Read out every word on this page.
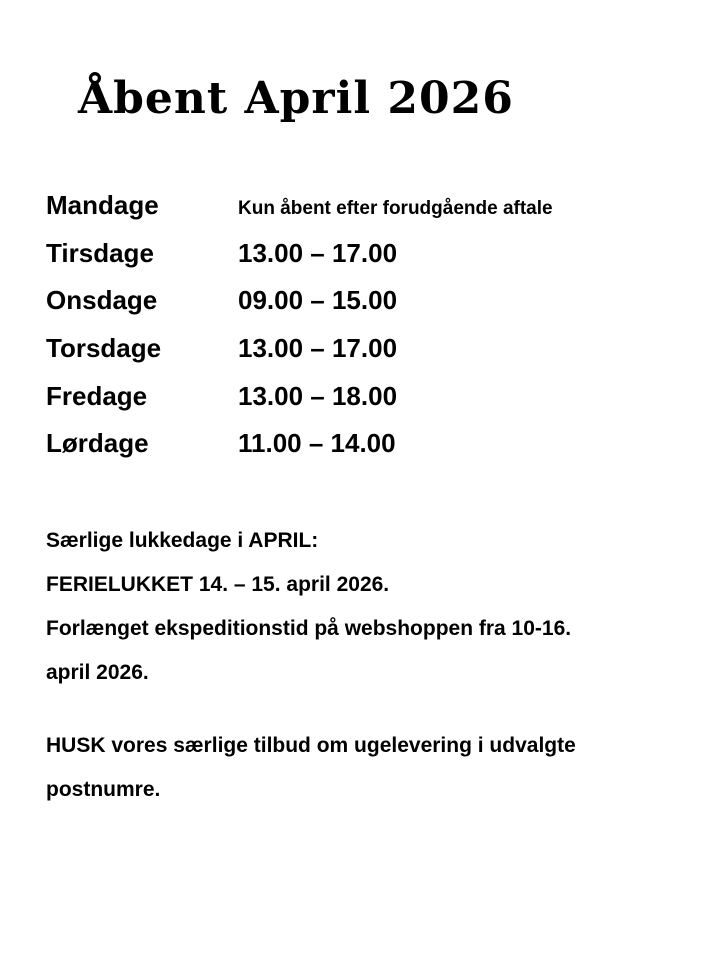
Åbent April 2026
Mandage	Kun åbent efter forudgående aftale
Tirsdage	13.00 – 17.00
Onsdage	09.00 – 15.00
Torsdage	13.00 – 17.00
Fredage	13.00 – 18.00
Lørdage	11.00 – 14.00
Særlige lukkedage i APRIL:
FERIELUKKET 14. – 15. april 2026.
Forlænget ekspeditionstid på webshoppen fra 10-16.
april 2026.
HUSK vores særlige tilbud om ugelevering i udvalgte
postnumre.
